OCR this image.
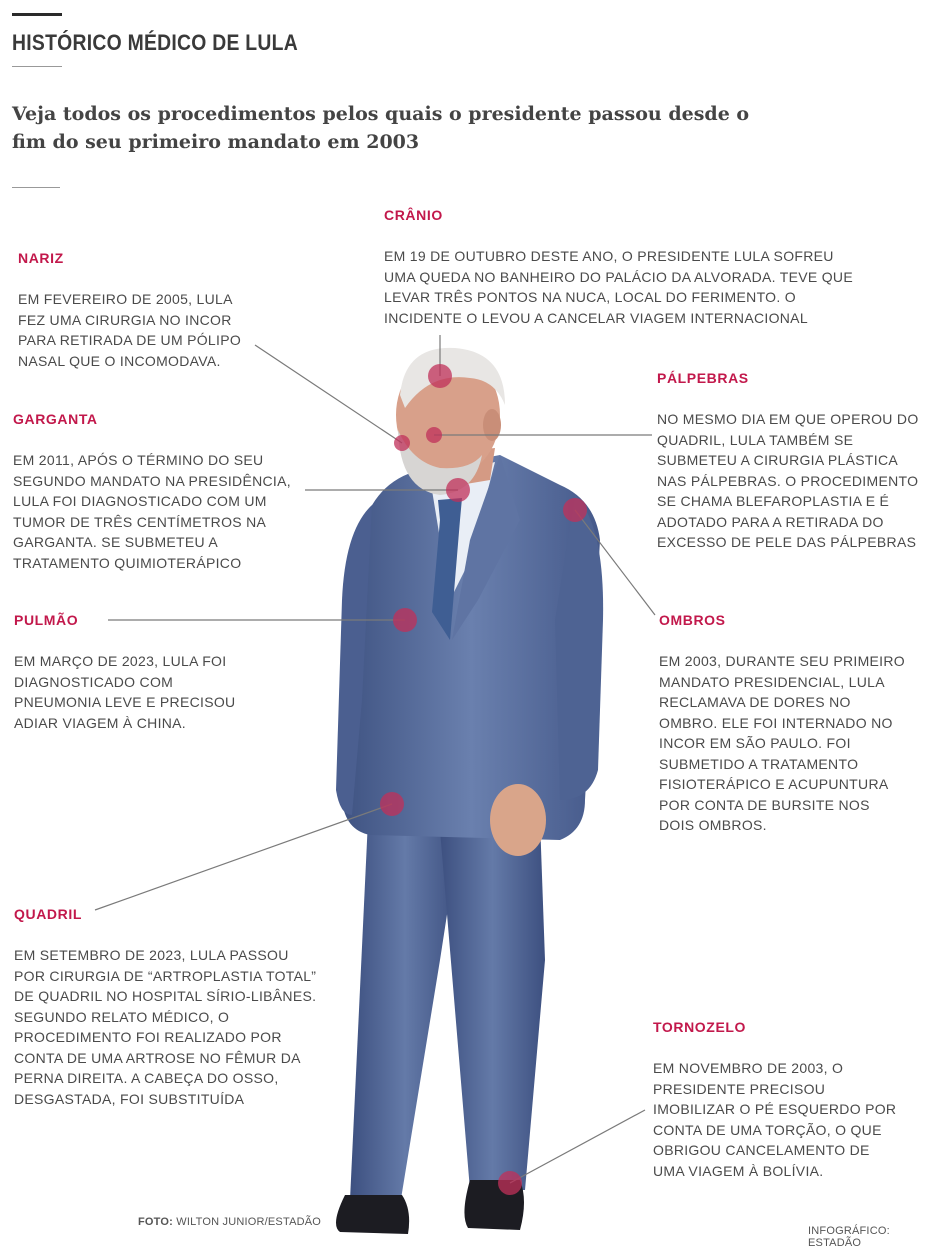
HISTÓRICO MÉDICO DE LULA
Veja todos os procedimentos pelos quais o presidente passou desde o fim do seu primeiro mandato em 2003
CRÂNIO
EM 19 DE OUTUBRO DESTE ANO, O PRESIDENTE LULA SOFREU
UMA QUEDA NO BANHEIRO DO PALÁCIO DA ALVORADA. TEVE QUE
LEVAR TRÊS PONTOS NA NUCA, LOCAL DO FERIMENTO. O
INCIDENTE O LEVOU A CANCELAR VIAGEM INTERNACIONAL
NARIZ
EM FEVEREIRO DE 2005, LULA
FEZ UMA CIRURGIA NO INCOR
PARA RETIRADA DE UM PÓLIPO
NASAL QUE O INCOMODAVA.
GARGANTA
EM 2011, APÓS O TÉRMINO DO SEU
SEGUNDO MANDATO NA PRESIDÊNCIA,
LULA FOI DIAGNOSTICADO COM UM
TUMOR DE TRÊS CENTÍMETROS NA
GARGANTA. SE SUBMETEU A
TRATAMENTO QUIMIOTERÁPICO
PÁLPEBRAS
NO MESMO DIA EM QUE OPEROU DO
QUADRIL, LULA TAMBÉM SE
SUBMETEU A CIRURGIA PLÁSTICA
NAS PÁLPEBRAS. O PROCEDIMENTO
SE CHAMA BLEFAROPLASTIA E É
ADOTADO PARA A RETIRADA DO
EXCESSO DE PELE DAS PÁLPEBRAS
PULMÃO
EM MARÇO DE 2023, LULA FOI
DIAGNOSTICADO COM
PNEUMONIA LEVE E PRECISOU
ADIAR VIAGEM À CHINA.
OMBROS
EM 2003, DURANTE SEU PRIMEIRO
MANDATO PRESIDENCIAL, LULA
RECLAMAVA DE DORES NO
OMBRO. ELE FOI INTERNADO NO
INCOR EM SÃO PAULO. FOI
SUBMETIDO A TRATAMENTO
FISIOTERÁPICO E ACUPUNTURA
POR CONTA DE BURSITE NOS
DOIS OMBROS.
QUADRIL
EM SETEMBRO DE 2023, LULA PASSOU
POR CIRURGIA DE “ARTROPLASTIA TOTAL”
DE QUADRIL NO HOSPITAL SÍRIO-LIBÂNES.
SEGUNDO RELATO MÉDICO, O
PROCEDIMENTO FOI REALIZADO POR
CONTA DE UMA ARTROSE NO FÊMUR DA
PERNA DIREITA. A CABEÇA DO OSSO,
DESGASTADA, FOI SUBSTITUÍDA
TORNOZELO
EM NOVEMBRO DE 2003, O
PRESIDENTE PRECISOU
IMOBILIZAR O PÉ ESQUERDO POR
CONTA DE UMA TORÇÃO, O QUE
OBRIGOU CANCELAMENTO DE
UMA VIAGEM À BOLÍVIA.
FOTO: WILTON JUNIOR/ESTADÃO
INFOGRÁFICO: ESTADÃO
